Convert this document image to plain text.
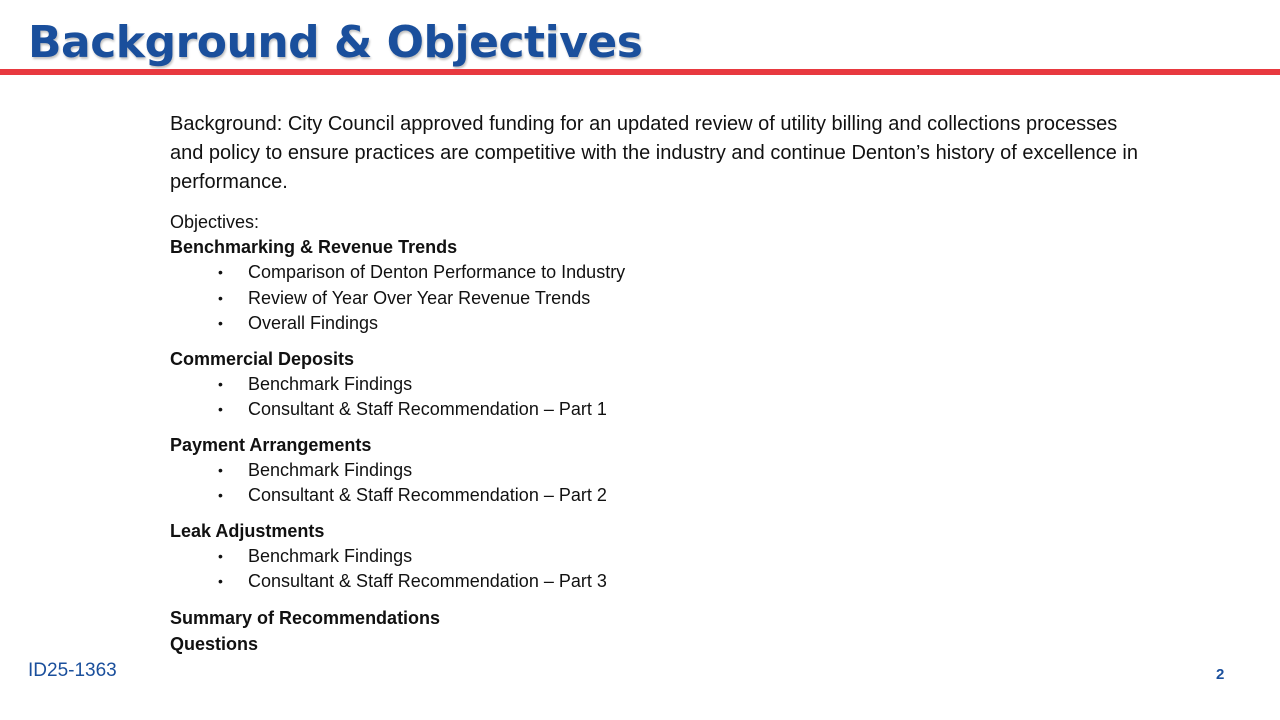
Background & Objectives

Background: City Council approved funding for an updated review of utility billing and collections processes and policy to ensure practices are competitive with the industry and continue Denton’s history of excellence in performance.

Objectives:

Benchmarking & Revenue Trends

• Comparison of Denton Performance to Industry
• Review of Year Over Year Revenue Trends
• Overall Findings

Commercial Deposits

• Benchmark Findings
• Consultant & Staff Recommendation – Part 1

Payment Arrangements

• Benchmark Findings
• Consultant & Staff Recommendation – Part 2

Leak Adjustments

• Benchmark Findings
• Consultant & Staff Recommendation – Part 3

Summary of Recommendations

Questions

ID25-1363	2
